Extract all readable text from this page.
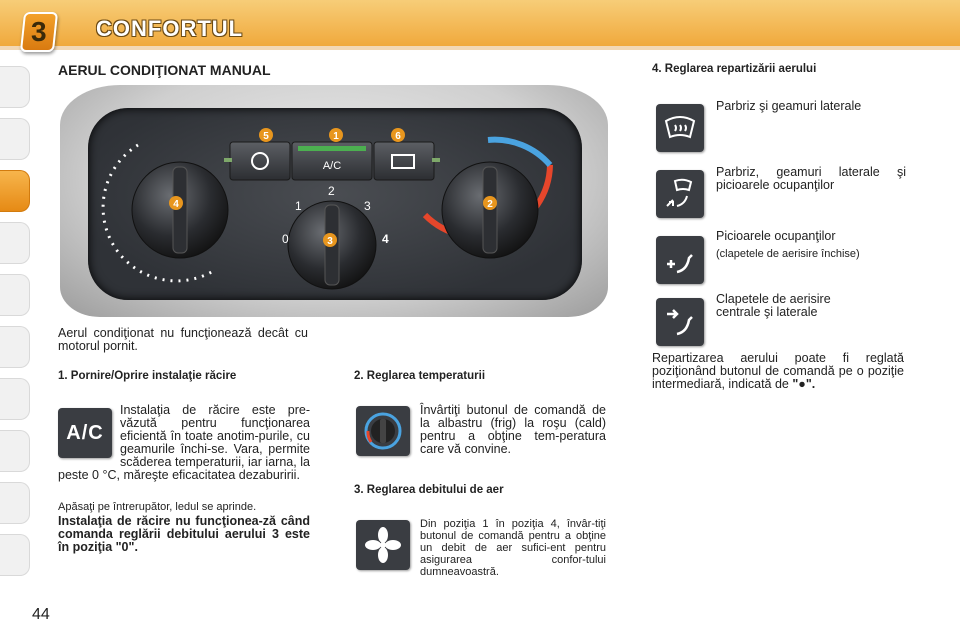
3 CONFORTUL
AERUL CONDIŢIONAT MANUAL
A/C
0
1
2
3
4
5	1	6
4	2
3
Aerul condiţionat nu funcţionează decât cu motorul pornit.
1. Pornire/Oprire instalaţie răcire
A/C
Instalaţia de răcire este pre-văzută pentru funcţionarea eficientă în toate anotim-purile, cu geamurile închi-se. Vara, permite scăderea temperaturii, iar iarna, la peste 0 °C, măreşte eficacitatea dezaburirii.
Apăsaţi pe întrerupător, ledul se aprinde.
Instalaţia de răcire nu funcţionea-ză când comanda reglării debitului aerului 3 este în poziţia "0".
2. Reglarea temperaturii
Învârtiţi butonul de comandă de la albastru (frig) la roşu (cald) pentru a obţine tem-peratura care vă convine.
3. Reglarea debitului de aer
Din poziţia 1 în poziţia 4, învâr-tiţi butonul de comandă pentru a obţine un debit de aer sufici-ent pentru asigurarea confor-tului dumneavoastră.
4. Reglarea repartizării aerului
Parbriz şi geamuri laterale
Parbriz, geamuri laterale şi picioarele ocupanţilor
Picioarele ocupanţilor
(clapetele de aerisire închise)
Clapetele de aerisire centrale şi laterale
Repartizarea aerului poate fi reglată poziţionând butonul de comandă pe o poziţie intermediară, indicată de "●".
44
